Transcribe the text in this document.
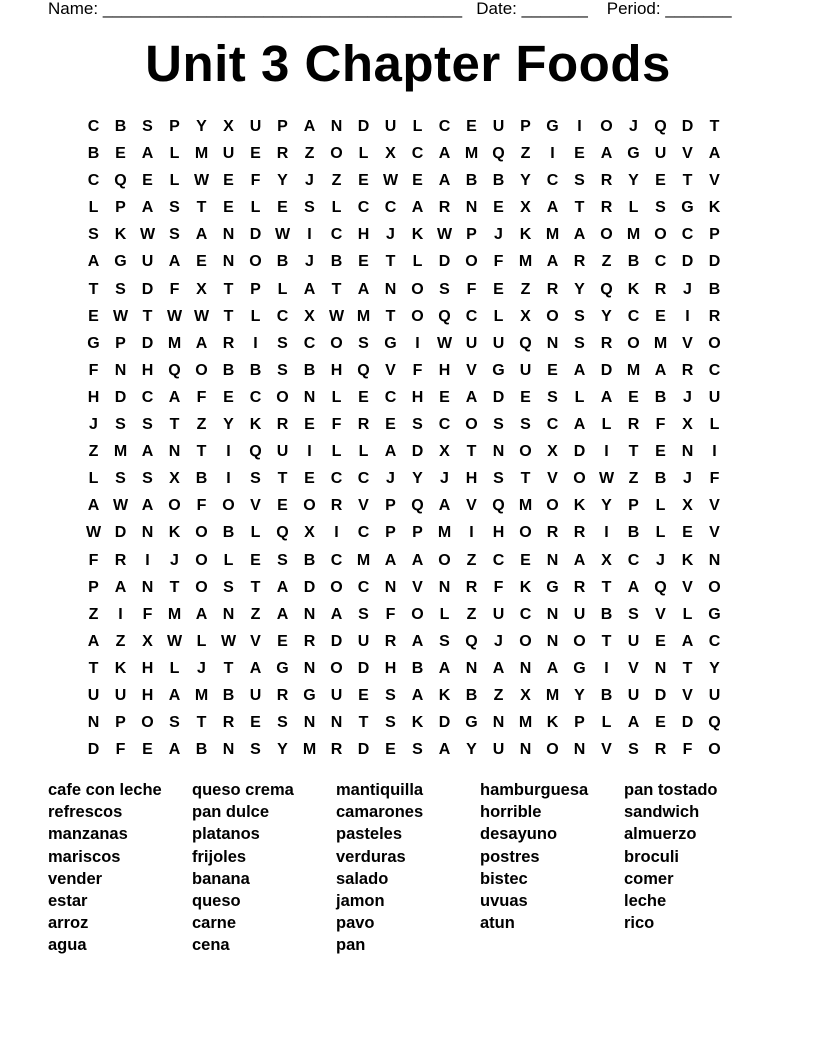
Name: ______________________________________ Date: _______ Period: _______
Unit 3 Chapter Foods
C B S	P	Y	X U P A N D U	L	C E U P G	I	O	J	Q D	T
B E A	L M U E R	Z O L	X C A M Q Z	I	E A G U V A
C Q E	L W E	F	Y	J	Z	E W E A B B Y C S R Y	E	T	V
L	P A S	T	E	L	E	S	L	C C A R N E	X A	T	R	L	S G K
S K W S A N D W	I	C H	J	K W P	J	K M A O M O C P
A G U A E N O B	J	B E	T	L	D O F M A R	Z	B C D D
T	S D	F	X	T	P	L	A	T	A N O S	F	E	Z	R Y Q K R	J	B
E W T W W T	L	C X W M T O Q C	L	X O S	Y C E	I	R
G P D M A R	I	S C O S G	I	W U U Q N S R O M V O
F	N H Q O B B S B H Q V	F	H V G U E A D M A R C
H D C A	F	E C O N	L	E C H E A D E	S	L	A E B	J	U
J	S	S	T	Z	Y K R E	F	R E	S C O S	S C A	L	R	F	X	L
Z M A N	T	I	Q U	I	L	L	A D X	T	N O X D	I	T	E N	I
L	S	S	X B	I	S	T	E C C	J	Y	J	H S	T	V O W Z	B	J	F
A W A O F O V	E O R V	P Q A V Q M O K Y	P	L	X	V
W D N K O B	L Q X	I	C P	P M	I	H O R R	I	B	L	E	V
F	R	I	J	O L	E	S B C M A A O Z	C E N A X C	J	K N
P A N	T O S	T	A D O C N V N R	F	K G R	T	A Q V O
Z	I	F M A N	Z	A N A S	F O L	Z	U C N U B S	V	L G
A	Z	X W L W V	E R D U R A S Q	J	O N O T	U E A C
T	K H	L	J	T	A G N O D H B A N A N A G	I	V N	T	Y
U U H A M B U R G U E	S A K B	Z	X M Y B U D V U
N P O S	T	R E	S N N	T	S K D G N M K P	L	A E D Q
D	F	E A B N S	Y M R D E	S A Y U N O N V	S R	F O
cafe con leche
refrescos
manzanas
mariscos
vender
estar
arroz
agua
queso crema
pan dulce
platanos
frijoles
banana
queso
carne
cena
mantiquilla
camarones
pasteles
verduras
salado
jamon
pavo
pan
hamburguesa
horrible
desayuno
postres
bistec
uvuas
atun
pan tostado
sandwich
almuerzo
broculi
comer
leche
rico
